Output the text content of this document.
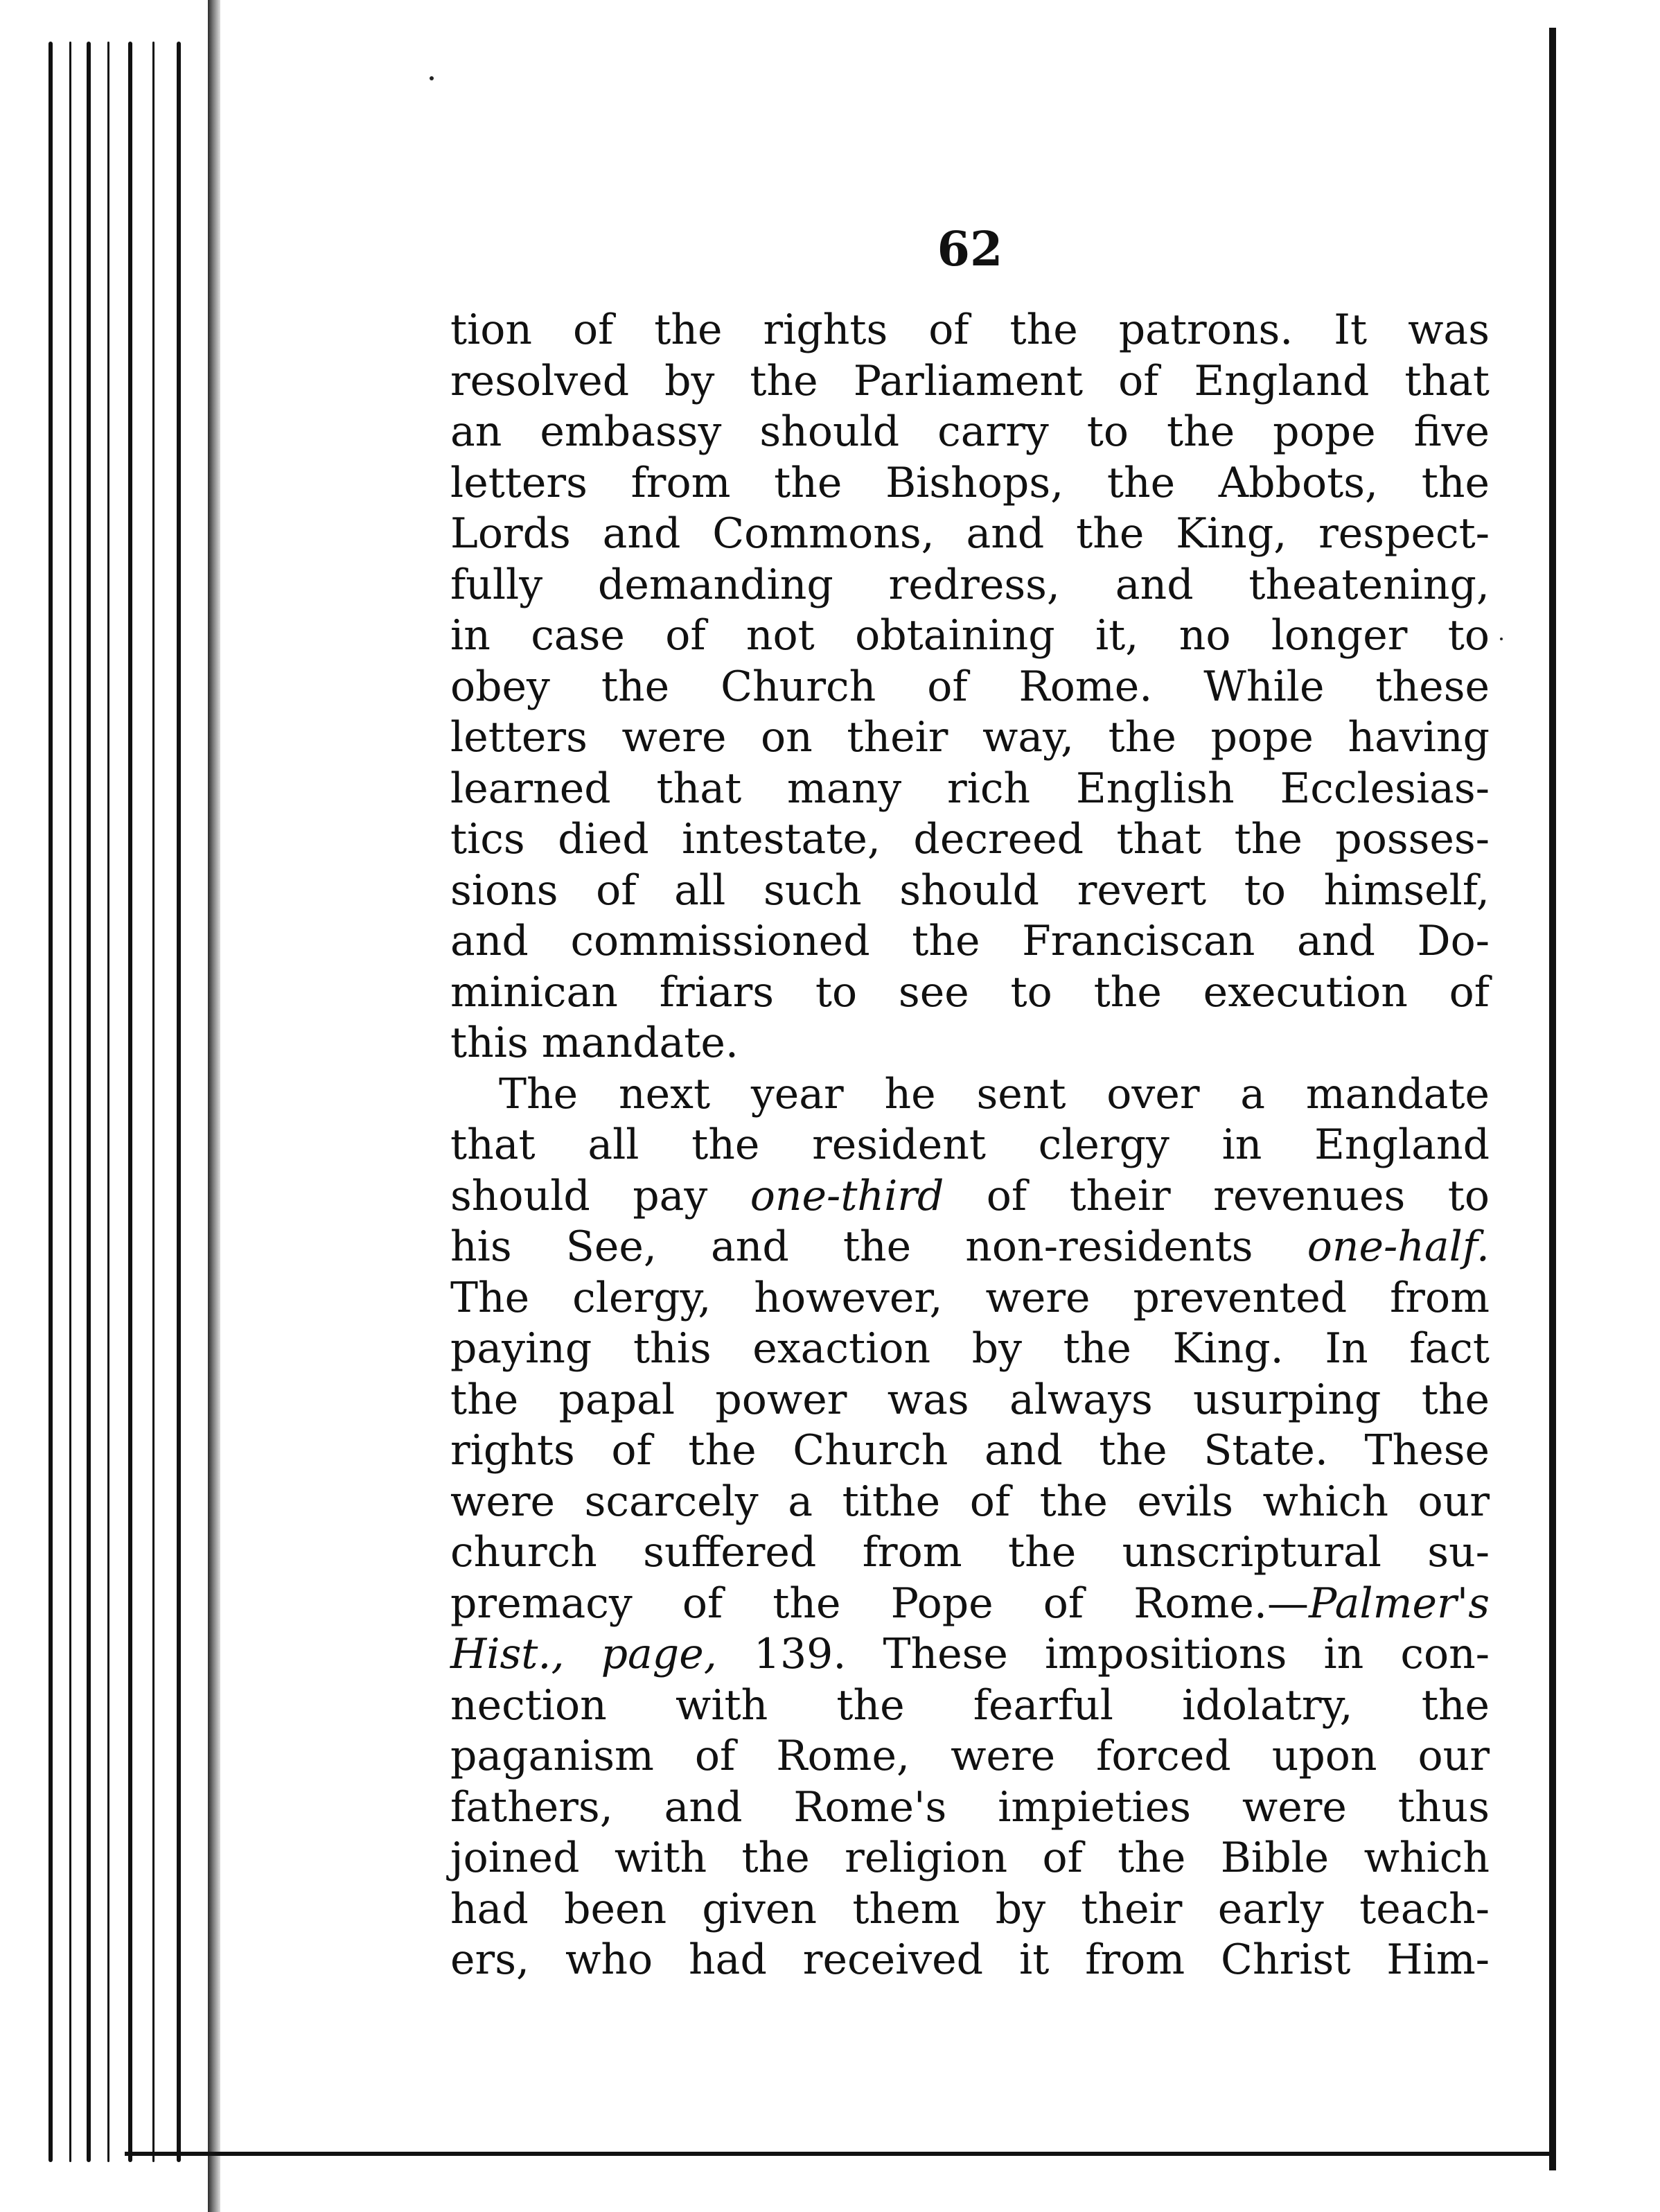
62
tion of the rights of the patrons. It was
resolved by the Parliament of England that
an embassy should carry to the pope five
letters from the Bishops, the Abbots, the
Lords and Commons, and the King, respect-
fully demanding redress, and theatening,
in case of not obtaining it, no longer to
obey the Church of Rome. While these
letters were on their way, the pope having
learned that many rich English Ecclesias-
tics died intestate, decreed that the posses-
sions of all such should revert to himself,
and commissioned the Franciscan and Do-
minican friars to see to the execution of
this mandate.
The next year he sent over a mandate
that all the resident clergy in England
should pay one-third of their revenues to
his See, and the non-residents one-half.
The clergy, however, were prevented from
paying this exaction by the King. In fact
the papal power was always usurping the
rights of the Church and the State. These
were scarcely a tithe of the evils which our
church suffered from the unscriptural su-
premacy of the Pope of Rome.—Palmer's
Hist., page, 139. These impositions in con-
nection with the fearful idolatry, the
paganism of Rome, were forced upon our
fathers, and Rome's impieties were thus
joined with the religion of the Bible which
had been given them by their early teach-
ers, who had received it from Christ Him-
